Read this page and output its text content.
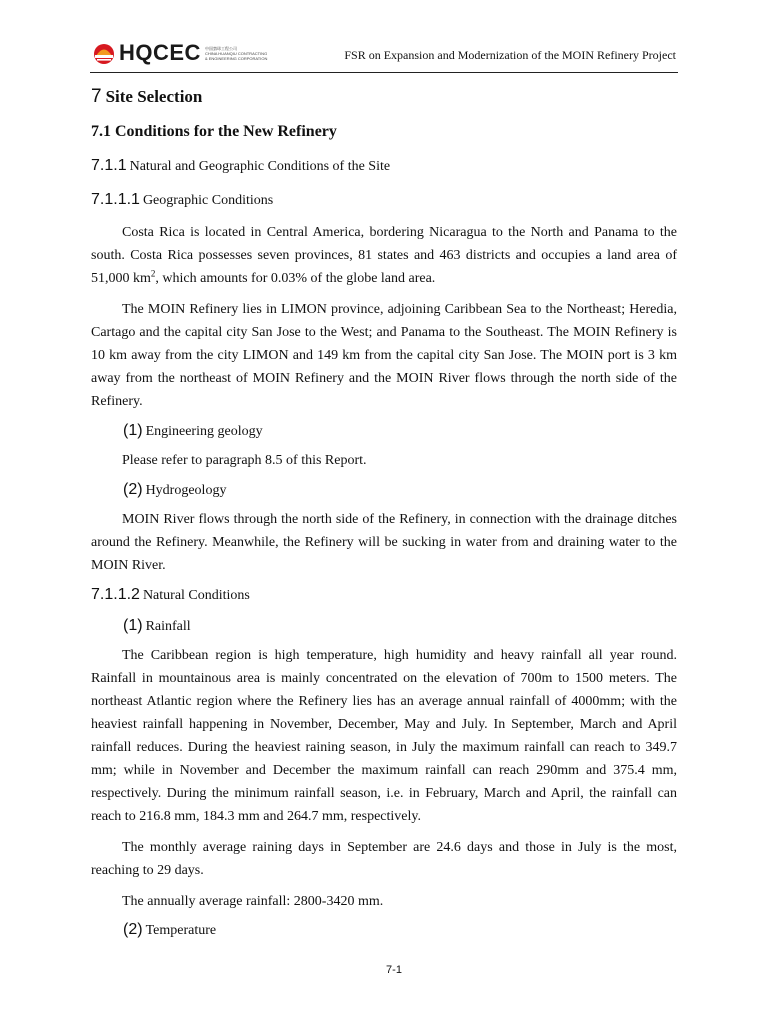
HQCEC 中国寰球工程公司
CHINA HUANQIU CONTRACTING
& ENGINEERING CORPORATION	FSR on Expansion and Modernization of the MOIN Refinery Project
7 Site Selection
7.1 Conditions for the New Refinery
7.1.1 Natural and Geographic Conditions of the Site
7.1.1.1 Geographic Conditions

Costa Rica is located in Central America, bordering Nicaragua to the North and Panama to the south. Costa Rica possesses seven provinces, 81 states and 463 districts and occupies a land area of 51,000 $km^2$, which amounts for 0.03% of the globe land area.

The MOIN Refinery lies in LIMON province, adjoining Caribbean Sea to the Northeast; Heredia, Cartago and the capital city San Jose to the West; and Panama to the Southeast. The MOIN Refinery is 10 km away from the city LIMON and 149 km from the capital city San Jose. The MOIN port is 3 km away from the northeast of MOIN Refinery and the MOIN River flows through the north side of the Refinery.

(1) Engineering geology

Please refer to paragraph 8.5 of this Report.

(2) Hydrogeology

MOIN River flows through the north side of the Refinery, in connection with the drainage ditches around the Refinery. Meanwhile, the Refinery will be sucking in water from and draining water to the MOIN River.

7.1.1.2 Natural Conditions
(1) Rainfall

The Caribbean region is high temperature, high humidity and heavy rainfall all year round. Rainfall in mountainous area is mainly concentrated on the elevation of 700m to 1500 meters. The northeast Atlantic region where the Refinery lies has an average annual rainfall of 4000mm; with the heaviest rainfall happening in November, December, May and July. In September, March and April rainfall reduces. During the heaviest raining season, in July the maximum rainfall can reach to 349.7 mm; while in November and December the maximum rainfall can reach 290mm and 375.4 mm, respectively. During the minimum rainfall season, i.e. in February, March and April, the rainfall can reach to 216.8 mm, 184.3 mm and 264.7 mm, respectively.

The monthly average raining days in September are 24.6 days and those in July is the most, reaching to 29 days.

The annually average rainfall: 2800-3420 mm.

(2) Temperature
7-1
